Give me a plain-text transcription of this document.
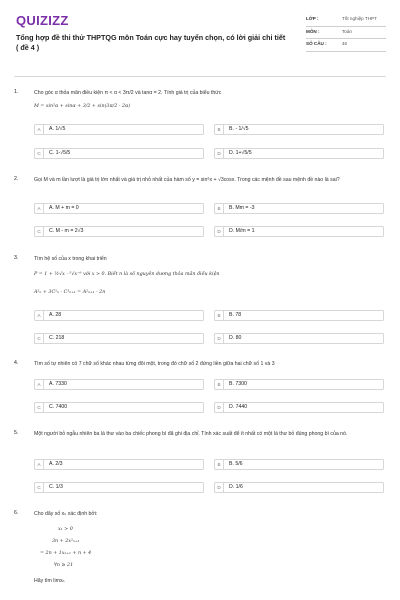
QUIZIZZ
Tổng hợp đề thi thử THPTQG môn Toán cực hay tuyển chọn, có lời giải chi tiết ( đề 4 )
LỚP :	Tốt nghiệp THPT
MÔN :	Toán
SỐ CÂU :	46
1.	Cho góc α thỏa mãn điều kiện π < α < 3π/2 và tanα = 2. Tính giá trị của biểu thức
M = sin²α + sinα + 3/2 + sin(3π/2 - 2α)
A	A. 1/√5	B	B. - 1/√5
C	C. 1-√5/5	D	D. 1+√5/5
2.	Gọi M và m lần lượt là giá trị lớn nhất và giá trị nhỏ nhất của hàm số y = sin⁶x + √3cosx. Trong các mệnh đề sau mệnh đề nào là sai?
A	A. M + m = 0	B	B. Mm = -3
C	C. M - m = 2√3	D	D. M/m = 1
3.	Tìm hệ số của x trong khai triển
P = 1 + ½√x · ⁵√x⁻⁶ với x > 0. Biết n là số nguyên dương thỏa mãn điều kiện
A²ₙ + 3C²ₙ - C³ₙ₊₁ = A²ₙ₊₁ - 2n
A	A. 28	B	B. 78
C	C. 218	D	D. 80
4.	Tìm số tự nhiên có 7 chữ số khác nhau từng đôi một, trong đó chữ số 2 đứng liền giữa hai chữ số 1 và 3
A	A. 7330	B	B. 7300
C	C. 7400	D	D. 7440
5.	Một người bỏ ngẫu nhiên ba lá thư vào ba chiếc phong bì đã ghi địa chỉ. Tính xác suất để ít nhất có một lá thư bỏ đúng phong bì của nó.
A	A. 2/3	B	B. 5/6
C	C. 1/3	D	D. 1/6
6.	Cho dãy số xₙ xác định bởi:
x₁ > 0
3n + 2x²ₙ₊₁
= 2n + 1xₙ₊₁ + n + 4
∀n ≥ 21
Hãy tìm limxₙ
